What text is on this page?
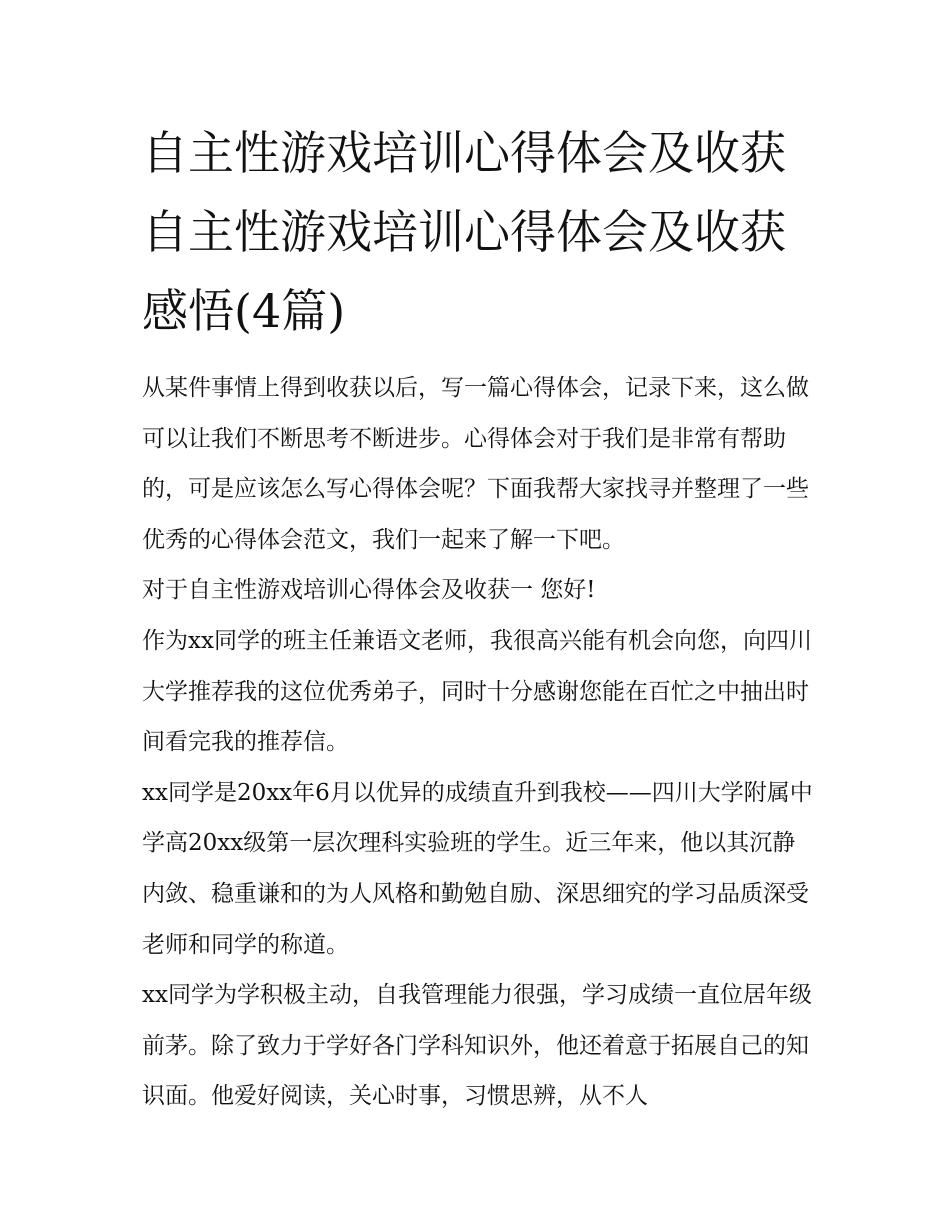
自主性游戏培训心得体会及收获 自主性游戏培训心得体会及收获感悟(4篇)

从某件事情上得到收获以后，写一篇心得体会，记录下来，这么做可以让我们不断思考不断进步。心得体会对于我们是非常有帮助的，可是应该怎么写心得体会呢？下面我帮大家找寻并整理了一些优秀的心得体会范文，我们一起来了解一下吧。

对于自主性游戏培训心得体会及收获一 您好!

作为xx同学的班主任兼语文老师，我很高兴能有机会向您，向四川大学推荐我的这位优秀弟子，同时十分感谢您能在百忙之中抽出时间看完我的推荐信。

xx同学是20xx年6月以优异的成绩直升到我校——四川大学附属中学高20xx级第一层次理科实验班的学生。近三年来，他以其沉静内敛、稳重谦和的为人风格和勤勉自励、深思细究的学习品质深受老师和同学的称道。

xx同学为学积极主动，自我管理能力很强，学习成绩一直位居年级前茅。除了致力于学好各门学科知识外，他还着意于拓展自己的知识面。他爱好阅读，关心时事，习惯思辨，从不人
